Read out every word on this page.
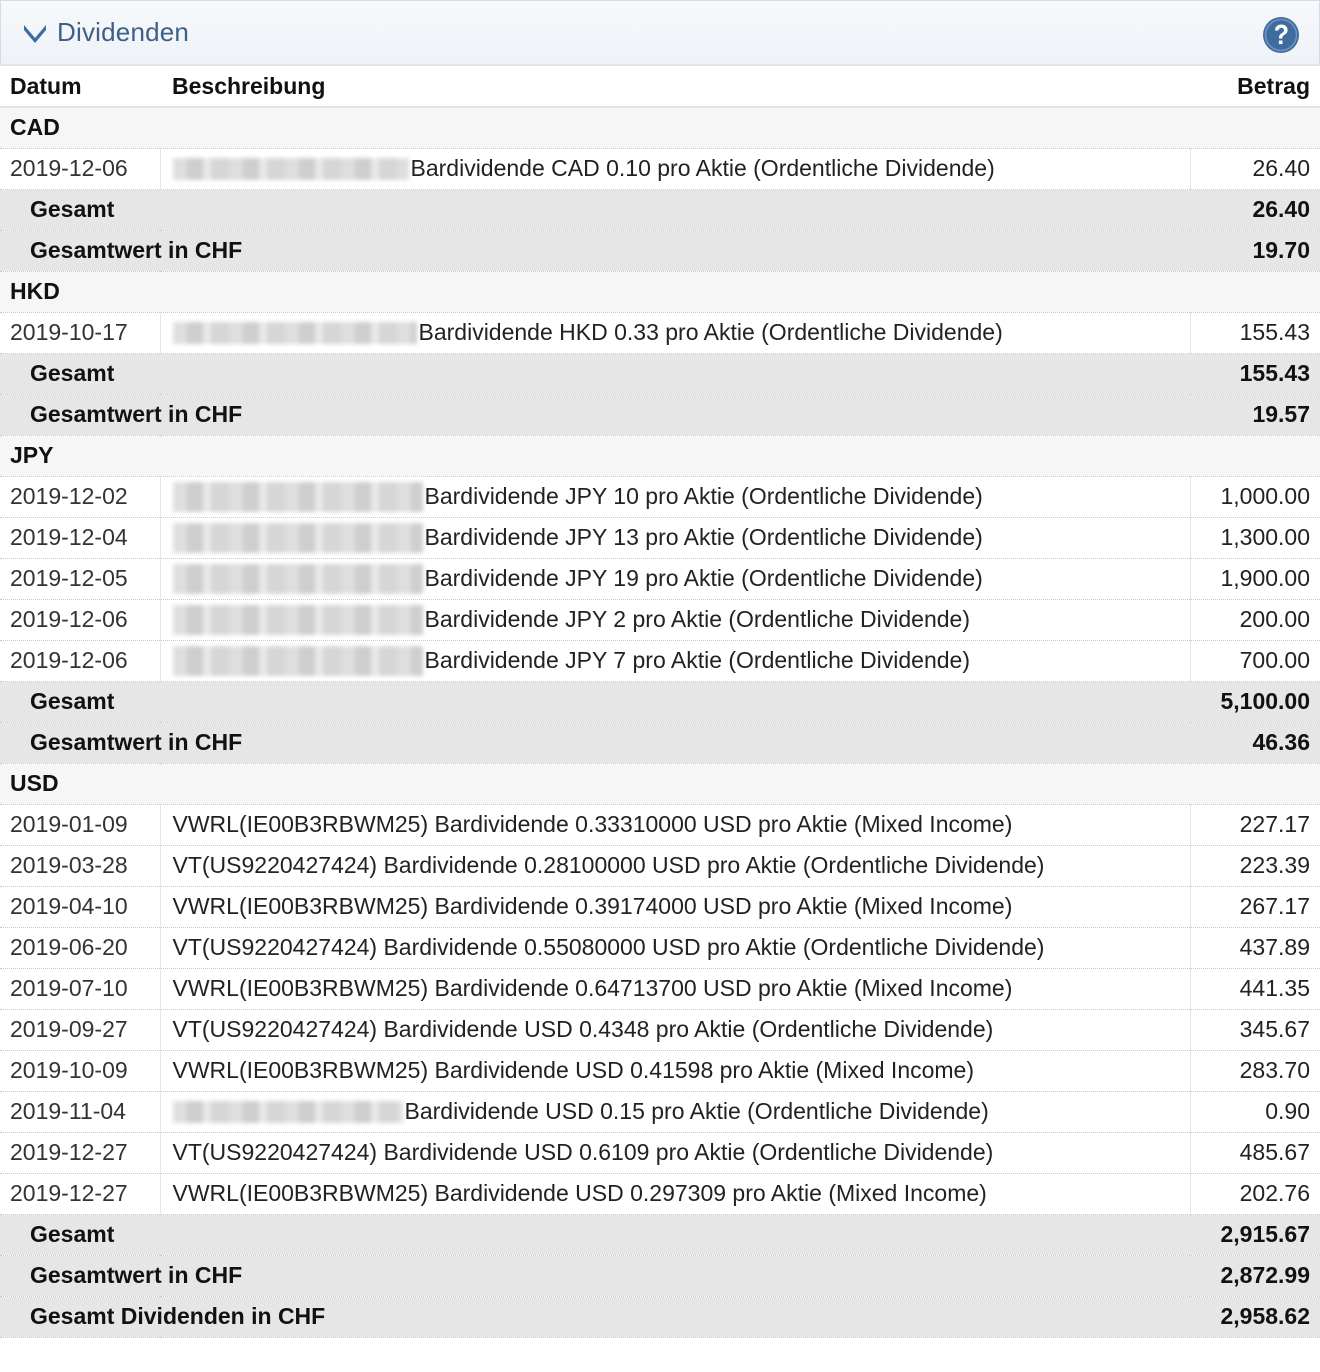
Dividenden
Datum	Beschreibung	Betrag
CAD		
2019-12-06	Bardividende CAD 0.10 pro Aktie (Ordentliche Dividende)	26.40
Gesamt		26.40
Gesamtwert in CHF		19.70
HKD		
2019-10-17	Bardividende HKD 0.33 pro Aktie (Ordentliche Dividende)	155.43
Gesamt		155.43
Gesamtwert in CHF		19.57
JPY		
2019-12-02	Bardividende JPY 10 pro Aktie (Ordentliche Dividende)	1,000.00
2019-12-04	Bardividende JPY 13 pro Aktie (Ordentliche Dividende)	1,300.00
2019-12-05	Bardividende JPY 19 pro Aktie (Ordentliche Dividende)	1,900.00
2019-12-06	Bardividende JPY 2 pro Aktie (Ordentliche Dividende)	200.00
2019-12-06	Bardividende JPY 7 pro Aktie (Ordentliche Dividende)	700.00
Gesamt		5,100.00
Gesamtwert in CHF		46.36
USD		
2019-01-09	VWRL(IE00B3RBWM25) Bardividende 0.33310000 USD pro Aktie (Mixed Income)	227.17
2019-03-28	VT(US9220427424) Bardividende 0.28100000 USD pro Aktie (Ordentliche Dividende)	223.39
2019-04-10	VWRL(IE00B3RBWM25) Bardividende 0.39174000 USD pro Aktie (Mixed Income)	267.17
2019-06-20	VT(US9220427424) Bardividende 0.55080000 USD pro Aktie (Ordentliche Dividende)	437.89
2019-07-10	VWRL(IE00B3RBWM25) Bardividende 0.64713700 USD pro Aktie (Mixed Income)	441.35
2019-09-27	VT(US9220427424) Bardividende USD 0.4348 pro Aktie (Ordentliche Dividende)	345.67
2019-10-09	VWRL(IE00B3RBWM25) Bardividende USD 0.41598 pro Aktie (Mixed Income)	283.70
2019-11-04	Bardividende USD 0.15 pro Aktie (Ordentliche Dividende)	0.90
2019-12-27	VT(US9220427424) Bardividende USD 0.6109 pro Aktie (Ordentliche Dividende)	485.67
2019-12-27	VWRL(IE00B3RBWM25) Bardividende USD 0.297309 pro Aktie (Mixed Income)	202.76
Gesamt		2,915.67
Gesamtwert in CHF		2,872.99
Gesamt Dividenden in CHF		2,958.62
